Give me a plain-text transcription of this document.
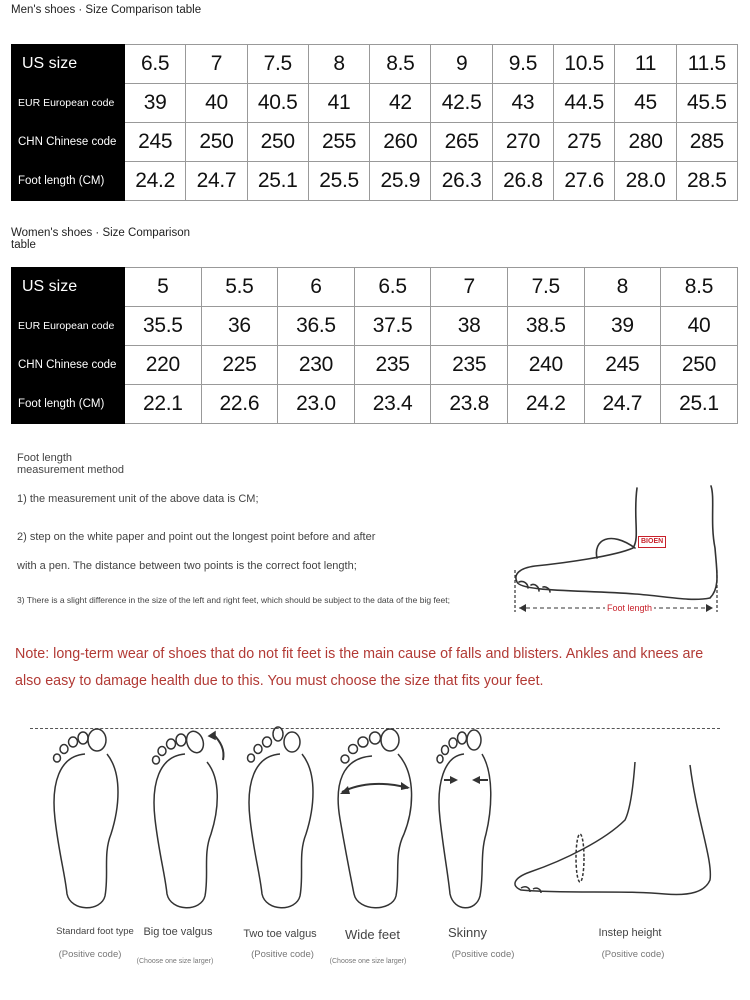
Men's shoes · Size Comparison table
US size	6.5	7	7.5	8	8.5	9	9.5	10.5	11	11.5
EUR European code	39	40	40.5	41	42	42.5	43	44.5	45	45.5
CHN Chinese code	245	250	250	255	260	265	270	275	280	285
Foot length (CM)	24.2	24.7	25.1	25.5	25.9	26.3	26.8	27.6	28.0	28.5
Women's shoes · Size Comparison table
US size	5	5.5	6	6.5	7	7.5	8	8.5
EUR European code	35.5	36	36.5	37.5	38	38.5	39	40
CHN Chinese code	220	225	230	235	235	240	245	250
Foot length (CM)	22.1	22.6	23.0	23.4	23.8	24.2	24.7	25.1
Foot length measurement method
1) the measurement unit of the above data is CM;
2) step on the white paper and point out the longest point before and after
with a pen. The distance between two points is the correct foot length;
3) There is a slight difference in the size of the left and right feet, which should be subject to the data of the big feet;
BIOEN
Foot length
Note: long-term wear of shoes that do not fit feet is the main cause of falls and blisters. Ankles and knees are also easy to damage health due to this. You must choose the size that fits your feet.
Standard foot type
(Positive code)
Big toe valgus
(Choose one size larger)
Two toe valgus
(Positive code)
Wide feet
(Choose one size larger)
Skinny
(Positive code)
Instep height
(Positive code)
